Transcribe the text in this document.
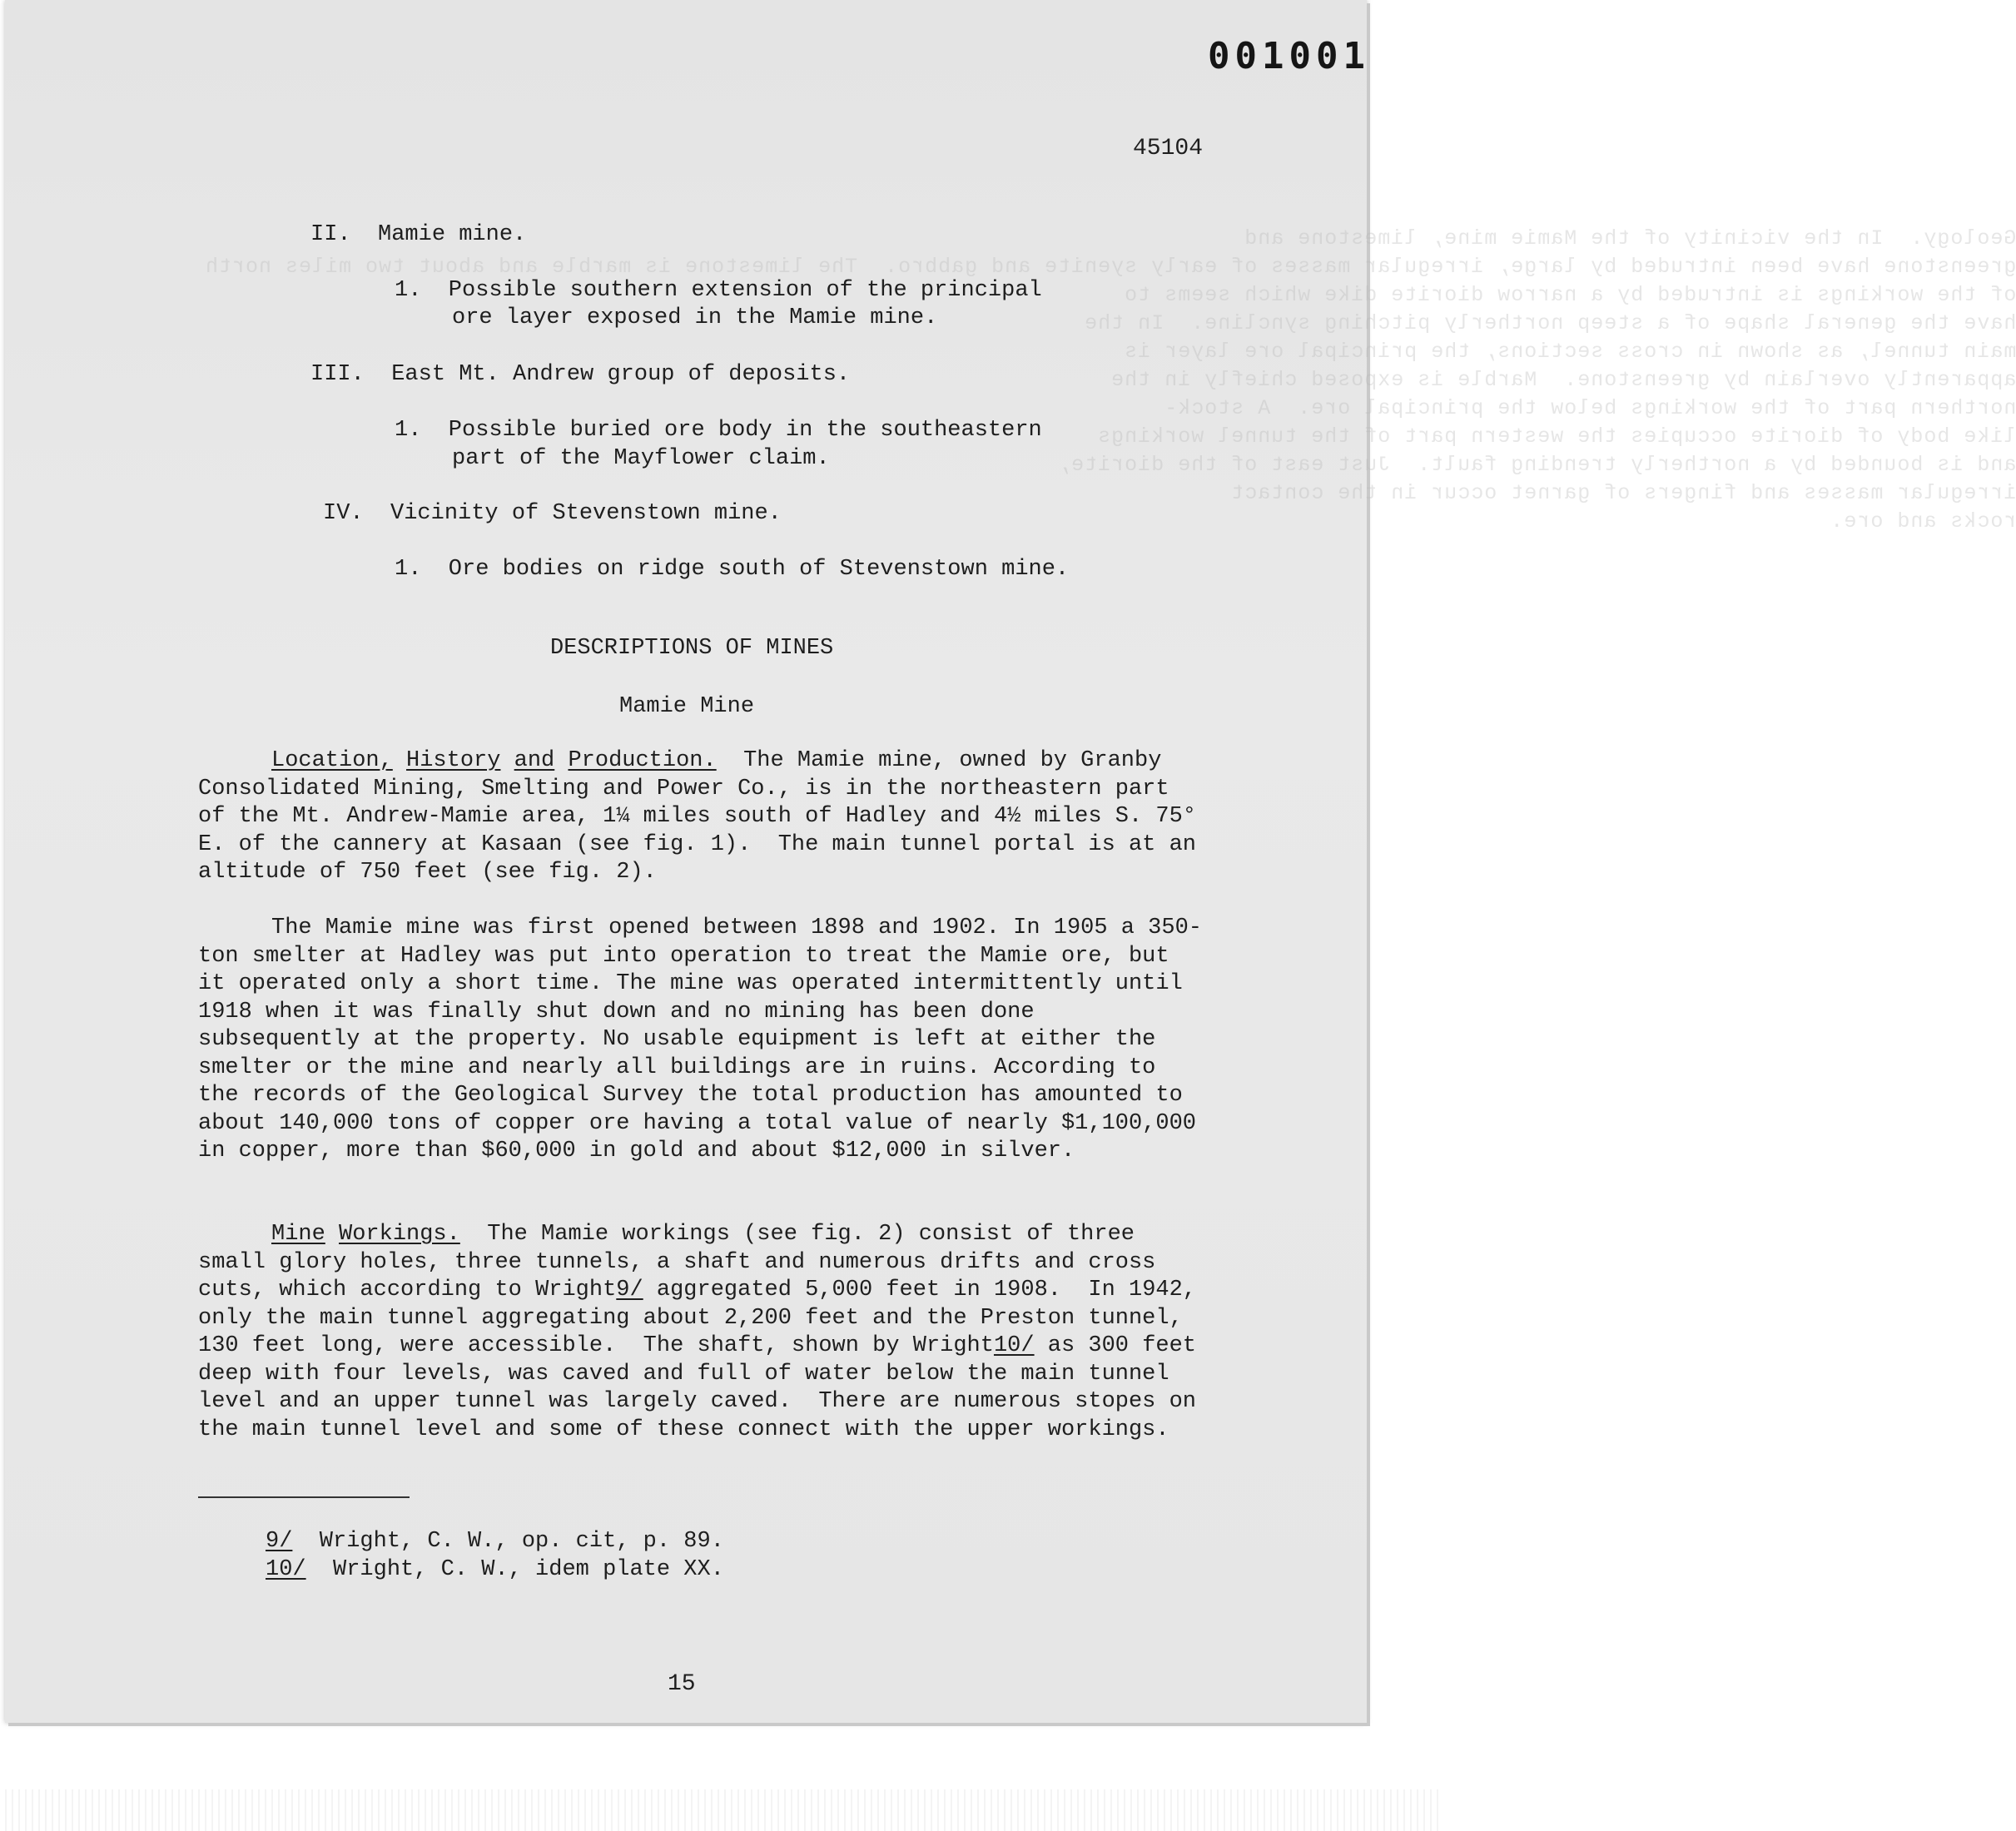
Geology.  In the vicinity of the Mamie mine, limestone and
greenstone have been intruded by large, irregular masses of early syenite and gabbro.  The limestone is marble and about two miles north
of the workings is intruded by a narrow diorite dike which seems to
have the general shape of a steep northerly pitching syncline.  In the
main tunnel, as shown in cross sections, the principal ore layer is
apparently overlain by greenstone.  Marble is exposed chiefly in the
northern part of the workings below the principal ore.  A stock-
like body of diorite occupies the western part of the tunnel workings
and is bounded by a northerly trending fault.  Just east of the diorite,
irregular masses and fingers of garnet occur in the contact
rocks and ore.
001001
45104
II.  Mamie mine.
1.  Possible southern extension of the principal
ore layer exposed in the Mamie mine.
III.  East Mt. Andrew group of deposits.
1.  Possible buried ore body in the southeastern
part of the Mayflower claim.
IV.  Vicinity of Stevenstown mine.
1.  Ore bodies on ridge south of Stevenstown mine.
DESCRIPTIONS OF MINES
Mamie Mine

Location, History and Production.  The Mamie mine, owned by Granby Consolidated Mining, Smelting and Power Co., is in the northeastern part of the Mt. Andrew-Mamie area, 1¼ miles south of Hadley and 4½ miles S. 75° E. of the cannery at Kasaan (see fig. 1).  The main tunnel portal is at an altitude of 750 feet (see fig. 2).

The Mamie mine was first opened between 1898 and 1902. In 1905 a 350-ton smelter at Hadley was put into operation to treat the Mamie ore, but it operated only a short time. The mine was operated intermittently until 1918 when it was finally shut down and no mining has been done subsequently at the property. No usable equipment is left at either the smelter or the mine and nearly all buildings are in ruins. According to the records of the Geological Survey the total production has amounted to about 140,000 tons of copper ore having a total value of nearly $1,100,000 in copper, more than $60,000 in gold and about $12,000 in silver.

Mine Workings.  The Mamie workings (see fig. 2) consist of three small glory holes, three tunnels, a shaft and numerous drifts and cross cuts, which according to Wright9/ aggregated 5,000 feet in 1908.  In 1942, only the main tunnel aggregating about 2,200 feet and the Preston tunnel, 130 feet long, were accessible.  The shaft, shown by Wright10/ as 300 feet deep with four levels, was caved and full of water below the main tunnel level and an upper tunnel was largely caved.  There are numerous stopes on the main tunnel level and some of these connect with the upper workings.

9/  Wright, C. W., op. cit, p. 89.
10/  Wright, C. W., idem plate XX.
15
